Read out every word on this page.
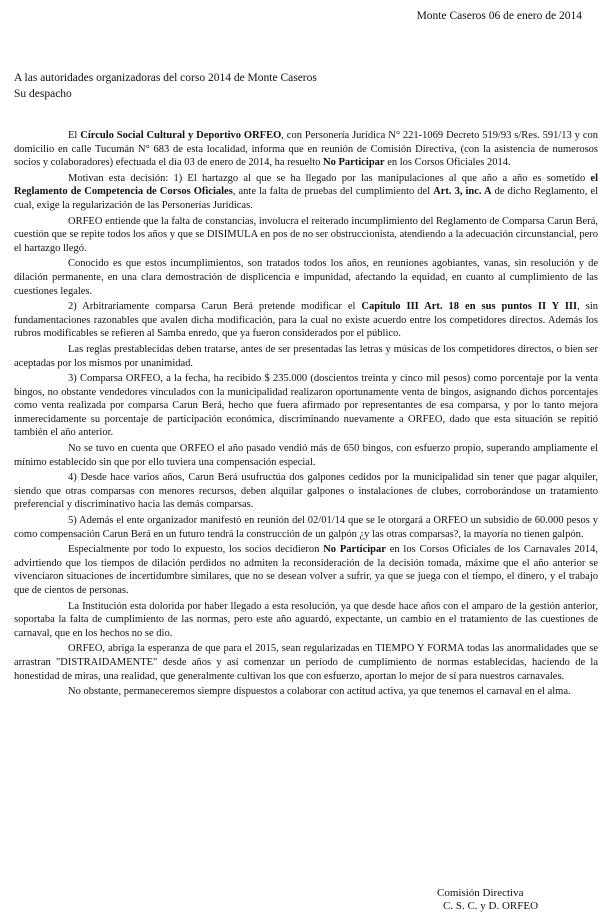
Monte Caseros 06 de enero de 2014
A las autoridades organizadoras del corso 2014 de Monte Caseros
Su despacho

El Círculo Social Cultural y Deportivo ORFEO, con Personería Jurídica N° 221-1069 Decreto 519/93 s/Res. 591/13 y con domicilio en calle Tucumán N° 683 de esta localidad, informa que en reunión de Comisión Directiva, (con la asistencia de numerosos socios y colaboradores) efectuada el día 03 de enero de 2014, ha resuelto No Participar en los Corsos Oficiales 2014.

Motivan esta decisión: 1) El hartazgo al que se ha llegado por las manipulaciones al que año a año es sometido el Reglamento de Competencia de Corsos Oficiales, ante la falta de pruebas del cumplimiento del Art. 3, inc. A de dicho Reglamento, el cual, exige la regularización de las Personerías Jurídicas.

ORFEO entiende que la falta de constancias, involucra el reiterado incumplimiento del Reglamento de Comparsa Carun Berá, cuestión que se repite todos los años y que se DISIMULA en pos de no ser obstruccionista, atendiendo a la adecuación circunstancial, pero el hartazgo llegó.

Conocido es que estos incumplimientos, son tratados todos los años, en reuniones agobiantes, vanas, sin resolución y de dilación permanente, en una clara demostración de displicencia e impunidad, afectando la equidad, en cuanto al cumplimiento de las cuestiones legales.

2) Arbitrariamente comparsa Carun Berá pretende modificar el Capítulo III Art. 18 en sus puntos II Y III, sin fundamentaciones razonables que avalen dicha modificación, para la cual no existe acuerdo entre los competidores directos. Además los rubros modificables se refieren al Samba enredo, que ya fueron considerados por el público.

Las reglas prestablecidas deben tratarse, antes de ser presentadas las letras y músicas de los competidores directos, o bien ser aceptadas por los mismos por unanimidad.

3) Comparsa ORFEO, a la fecha, ha recibido $ 235.000 (doscientos treinta y cinco mil pesos) como porcentaje por la venta bingos, no obstante vendedores vinculados con la municipalidad realizaron oportunamente venta de bingos, asignando dichos porcentajes como venta realizada por comparsa Carun Berá, hecho que fuera afirmado por representantes de esa comparsa, y por lo tanto mejora inmerecidamente su porcentaje de participación económica, discriminando nuevamente a ORFEO, dado que esta situación se repitió también el año anterior.

No se tuvo en cuenta que ORFEO el año pasado vendió más de 650 bingos, con esfuerzo propio, superando ampliamente el mínimo establecido sin que por ello tuviera una compensación especial.

4) Desde hace varios años, Carun Berá usufructúa dos galpones cedidos por la municipalidad sin tener que pagar alquiler, siendo que otras comparsas con menores recursos, deben alquilar galpones o instalaciones de clubes, corroborándose un tratamiento preferencial y discriminativo hacia las demás comparsas.

5) Además el ente organizador manifestó en reunión del 02/01/14 que se le otorgará a ORFEO un subsidio de 60.000 pesos y como compensación Carun Berá en un futuro tendrá la construcción de un galpón ¿y las otras comparsas?, la mayoría no tienen galpón.

Especialmente por todo lo expuesto, los socios decidieron No Participar en los Corsos Oficiales de los Carnavales 2014, advirtiendo que los tiempos de dilación perdidos no admiten la reconsideración de la decisión tomada, máxime que el año anterior se vivenciaron situaciones de incertidumbre similares, que no se desean volver a sufrir, ya que se juega con el tiempo, el dinero, y el trabajo que de cientos de personas.

La Institución esta dolorida por haber llegado a esta resolución, ya que desde hace años con el amparo de la gestión anterior, soportaba la falta de cumplimiento de las normas, pero este año aguardó, expectante, un cambio en el tratamiento de las cuestiones de carnaval, que en los hechos no se dio.

ORFEO, abriga la esperanza de que para el 2015, sean regularizadas en TIEMPO Y FORMA todas las anormalidades que se arrastran "DISTRAIDAMENTE" desde años y así comenzar un período de cumplimiento de normas establecidas, haciendo de la honestidad de miras, una realidad, que generalmente cultivan los que con esfuerzo, aportan lo mejor de sí para nuestros carnavales.

No obstante, permaneceremos siempre dispuestos a colaborar con actitud activa, ya que tenemos el carnaval en el alma.

Comisión Directiva
C. S. C. y D. ORFEO
